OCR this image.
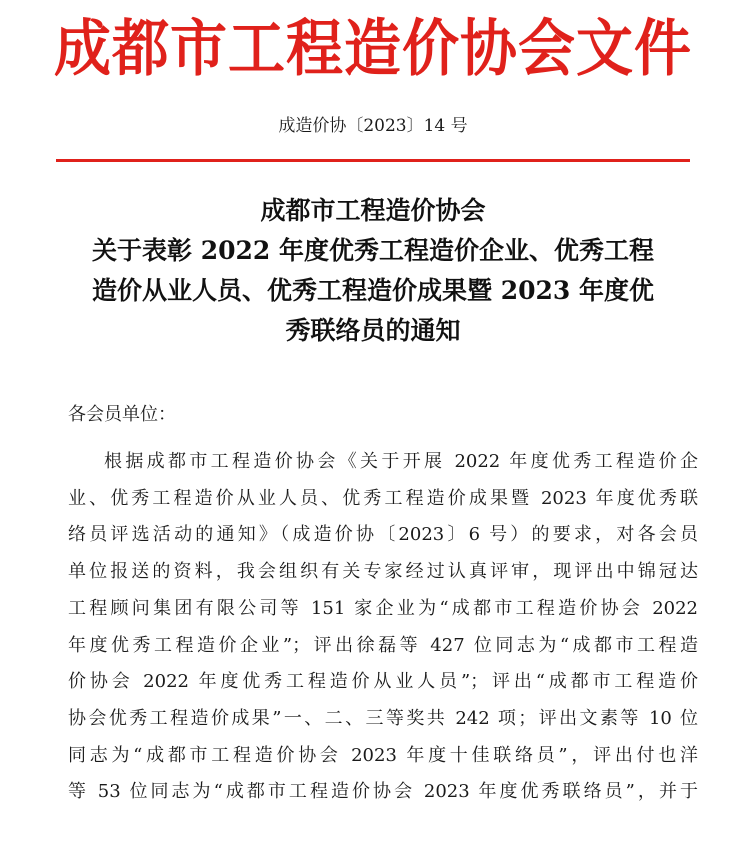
成都市工程造价协会文件
成造价协〔2023〕14 号
成都市工程造价协会
关于表彰 2022 年度优秀工程造价企业、优秀工程
造价从业人员、优秀工程造价成果暨 2023 年度优
秀联络员的通知
各会员单位：
根据成都市工程造价协会《关于开展 2022 年度优秀工程造价企
业、优秀工程造价从业人员、优秀工程造价成果暨 2023 年度优秀联
络员评选活动的通知》（成造价协〔2023〕6 号）的要求，对各会员
单位报送的资料，我会组织有关专家经过认真评审，现评出中锦冠达
工程顾问集团有限公司等 151 家企业为“成都市工程造价协会 2022
年度优秀工程造价企业”；评出徐磊等 427 位同志为“成都市工程造
价协会 2022 年度优秀工程造价从业人员”；评出“成都市工程造价
协会优秀工程造价成果”一、二、三等奖共 242 项；评出文素等 10 位
同志为“成都市工程造价协会 2023 年度十佳联络员”，评出付也洋
等 53 位同志为“成都市工程造价协会 2023 年度优秀联络员”，并于
